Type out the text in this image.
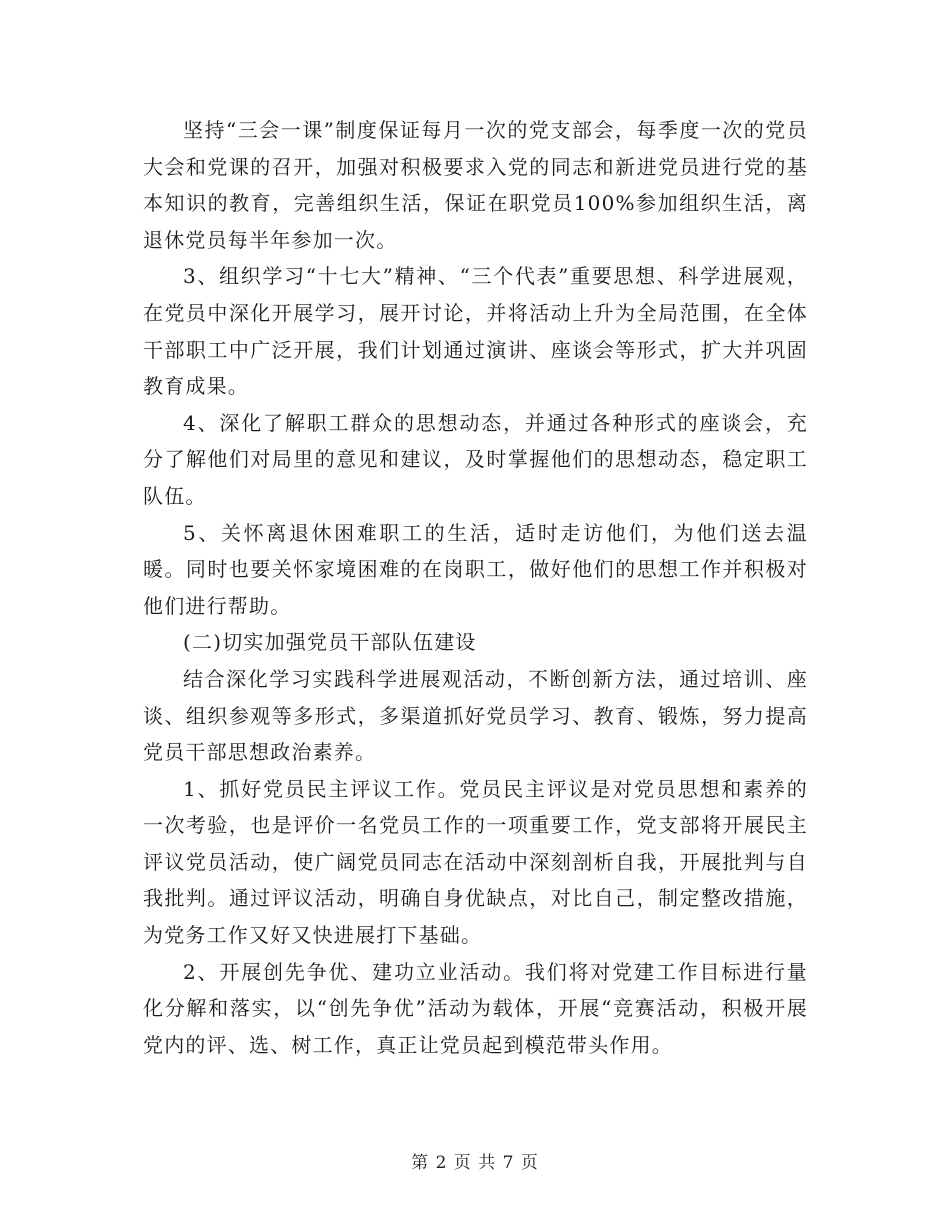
坚持“三会一课”制度保证每月一次的党支部会，每季度一次的党员大会和党课的召开，加强对积极要求入党的同志和新进党员进行党的基本知识的教育，完善组织生活，保证在职党员100%参加组织生活，离退休党员每半年参加一次。

3、组织学习“十七大”精神、“三个代表”重要思想、科学进展观，在党员中深化开展学习，展开讨论，并将活动上升为全局范围，在全体干部职工中广泛开展，我们计划通过演讲、座谈会等形式，扩大并巩固教育成果。

4、深化了解职工群众的思想动态，并通过各种形式的座谈会，充分了解他们对局里的意见和建议，及时掌握他们的思想动态，稳定职工队伍。

5、关怀离退休困难职工的生活，适时走访他们，为他们送去温暖。同时也要关怀家境困难的在岗职工，做好他们的思想工作并积极对他们进行帮助。

(二)切实加强党员干部队伍建设

结合深化学习实践科学进展观活动，不断创新方法，通过培训、座谈、组织参观等多形式，多渠道抓好党员学习、教育、锻炼，努力提高党员干部思想政治素养。

1、抓好党员民主评议工作。党员民主评议是对党员思想和素养的一次考验，也是评价一名党员工作的一项重要工作，党支部将开展民主评议党员活动，使广阔党员同志在活动中深刻剖析自我，开展批判与自我批判。通过评议活动，明确自身优缺点，对比自己，制定整改措施，为党务工作又好又快进展打下基础。

2、开展创先争优、建功立业活动。我们将对党建工作目标进行量化分解和落实，以“创先争优”活动为载体，开展“竞赛活动，积极开展党内的评、选、树工作，真正让党员起到模范带头作用。

第 2 页 共 7 页
